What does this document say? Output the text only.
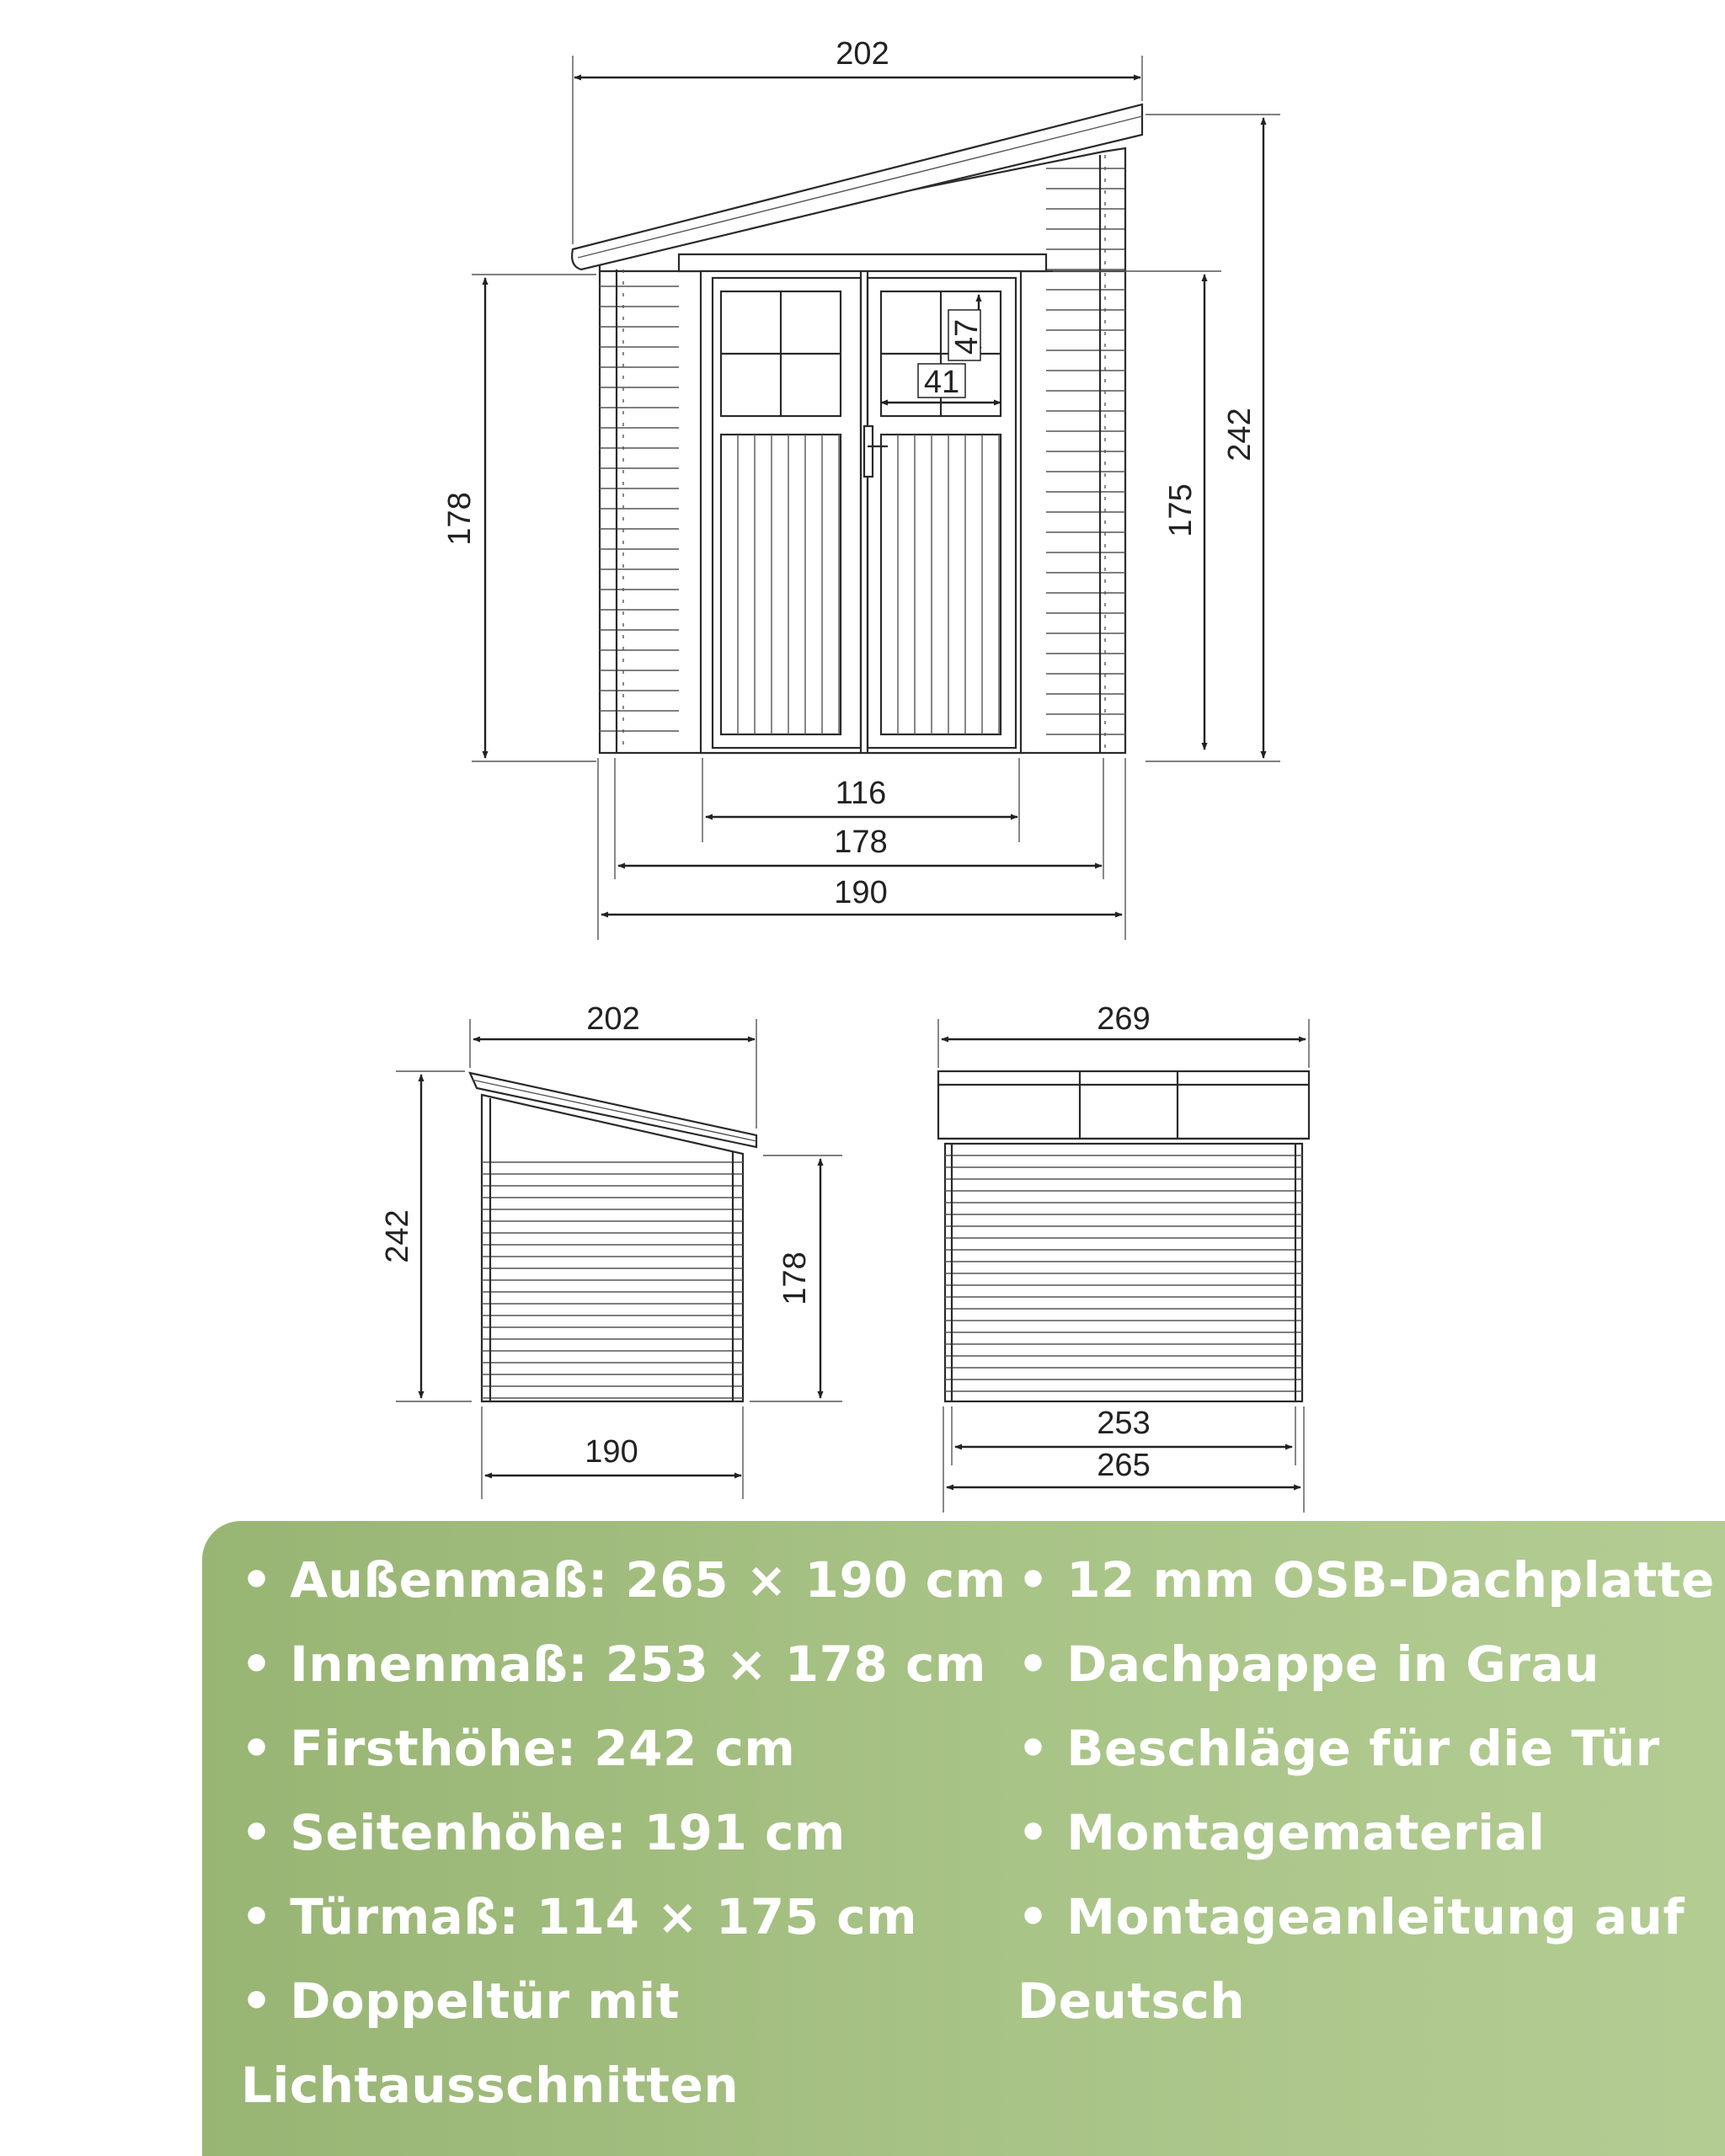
47
41
202
178
242
175
116
178
190
202
242
178
190
269
253
265
• Außenmaß: 265 × 190 cm
• Innenmaß: 253 × 178 cm
• Firsthöhe: 242 cm
• Seitenhöhe: 191 cm
• Türmaß: 114 × 175 cm
• Doppeltür mit
Lichtausschnitten
• 12 mm OSB-Dachplatte
• Dachpappe in Grau
• Beschläge für die Tür
• Montagematerial
• Montageanleitung auf
Deutsch
